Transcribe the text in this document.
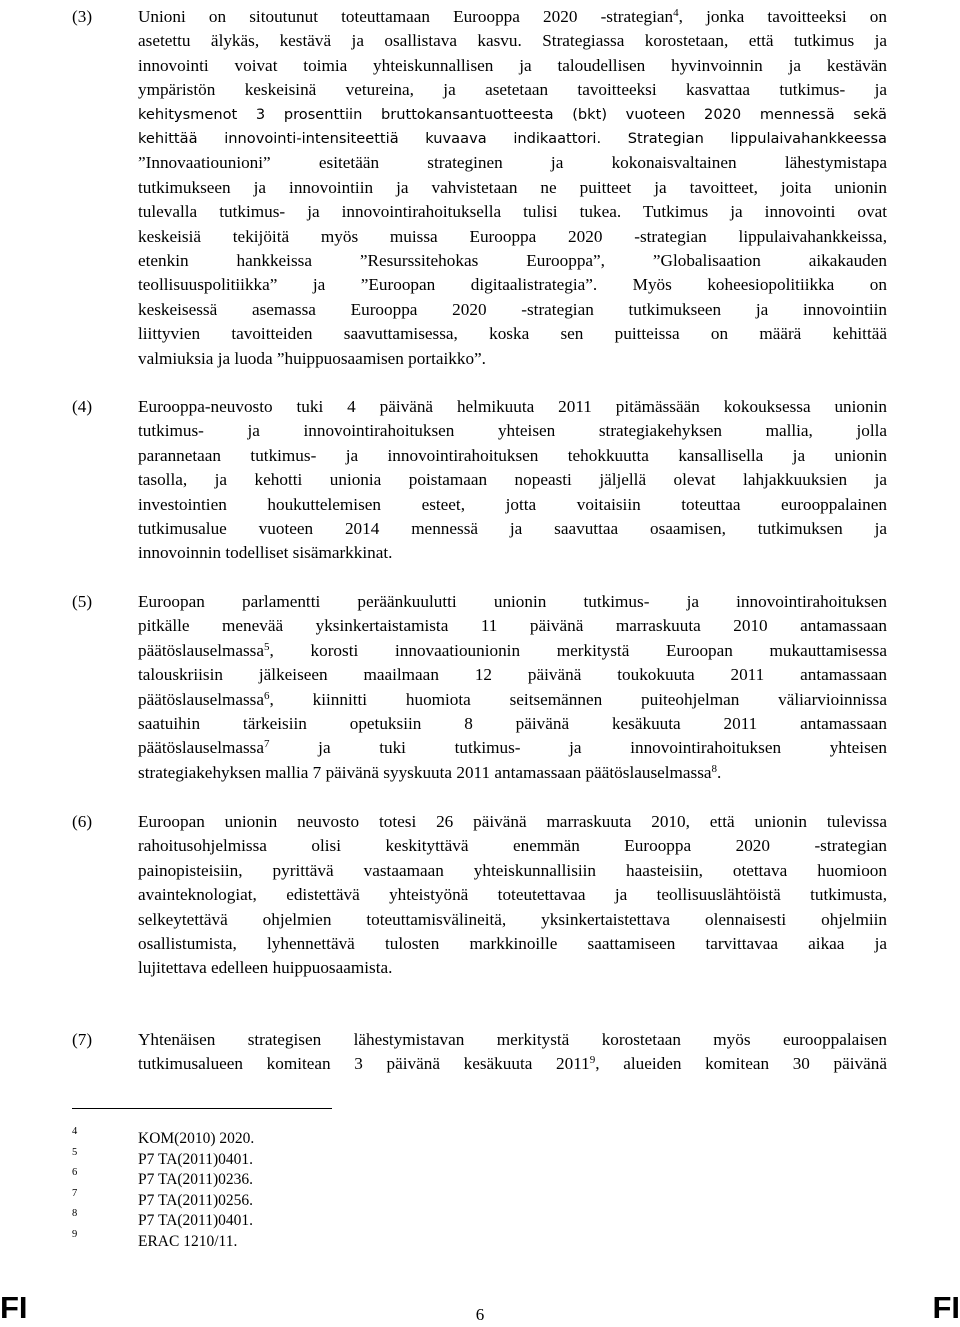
(3)	Unioni on sitoutunut toteuttamaan Eurooppa 2020 -strategian$^4$, jonka tavoitteeksi on
asetettu älykäs, kestävä ja osallistava kasvu. Strategiassa korostetaan, että tutkimus ja
innovointi voivat toimia yhteiskunnallisen ja taloudellisen hyvinvoinnin ja kestävän
ympäristön keskeisinä vetureina, ja asetetaan tavoitteeksi kasvattaa tutkimus- ja
kehitysmenot 3 prosenttiin bruttokansantuotteesta (bkt) vuoteen 2020 mennessä sekä
kehittää innovointi-intensiteettiä kuvaava indikaattori. Strategian lippulaivahankkeessa
”Innovaatiounioni” esitetään strateginen ja kokonaisvaltainen lähestymistapa
tutkimukseen ja innovointiin ja vahvistetaan ne puitteet ja tavoitteet, joita unionin
tulevalla tutkimus- ja innovointirahoituksella tulisi tukea. Tutkimus ja innovointi ovat
keskeisiä tekijöitä myös muissa Eurooppa 2020 -strategian lippulaivahankkeissa,
etenkin hankkeissa ”Resurssitehokas Eurooppa”, ”Globalisaation aikakauden
teollisuuspolitiikka” ja ”Euroopan digitaalistrategia”. Myös koheesiopolitiikka on
keskeisessä asemassa Eurooppa 2020 -strategian tutkimukseen ja innovointiin
liittyvien tavoitteiden saavuttamisessa, koska sen puitteissa on määrä kehittää
valmiuksia ja luoda ”huippuosaamisen portaikko”.
(4)	Eurooppa-neuvosto tuki 4 päivänä helmikuuta 2011 pitämässään kokouksessa unionin
tutkimus- ja innovointirahoituksen yhteisen strategiakehyksen mallia, jolla
parannetaan tutkimus- ja innovointirahoituksen tehokkuutta kansallisella ja unionin
tasolla, ja kehotti unionia poistamaan nopeasti jäljellä olevat lahjakkuuksien ja
investointien houkuttelemisen esteet, jotta voitaisiin toteuttaa eurooppalainen
tutkimusalue vuoteen 2014 mennessä ja saavuttaa osaamisen, tutkimuksen ja
innovoinnin todelliset sisämarkkinat.
(5)	Euroopan parlamentti peräänkuulutti unionin tutkimus- ja innovointirahoituksen
pitkälle menevää yksinkertaistamista 11 päivänä marraskuuta 2010 antamassaan
päätöslauselmassa$^5$, korosti innovaatiounionin merkitystä Euroopan mukauttamisessa
talouskriisin jälkeiseen maailmaan 12 päivänä toukokuuta 2011 antamassaan
päätöslauselmassa$^6$, kiinnitti huomiota seitsemännen puiteohjelman väliarvioinnissa
saatuihin tärkeisiin opetuksiin 8 päivänä kesäkuuta 2011 antamassaan
päätöslauselmassa$^7$ ja tuki tutkimus- ja innovointirahoituksen yhteisen
strategiakehyksen mallia 7 päivänä syyskuuta 2011 antamassaan päätöslauselmassa$^8$.
(6)	Euroopan unionin neuvosto totesi 26 päivänä marraskuuta 2010, että unionin tulevissa
rahoitusohjelmissa olisi keskityttävä enemmän Eurooppa 2020 -strategian
painopisteisiin, pyrittävä vastaamaan yhteiskunnallisiin haasteisiin, otettava huomioon
avainteknologiat, edistettävä yhteistyönä toteutettavaa ja teollisuuslähtöistä tutkimusta,
selkeytettävä ohjelmien toteuttamisvälineitä, yksinkertaistettava olennaisesti ohjelmiin
osallistumista, lyhennettävä tulosten markkinoille saattamiseen tarvittavaa aikaa ja
lujitettava edelleen huippuosaamista.
(7)	Yhtenäisen strategisen lähestymistavan merkitystä korostetaan myös eurooppalaisen
tutkimusalueen komitean 3 päivänä kesäkuuta 2011$^9$, alueiden komitean 30 päivänä
4	KOM(2010) 2020.
5	P7 TA(2011)0401.
6	P7 TA(2011)0236.
7	P7 TA(2011)0256.
8	P7 TA(2011)0401.
9	ERAC 1210/11.
FI	6	FI
